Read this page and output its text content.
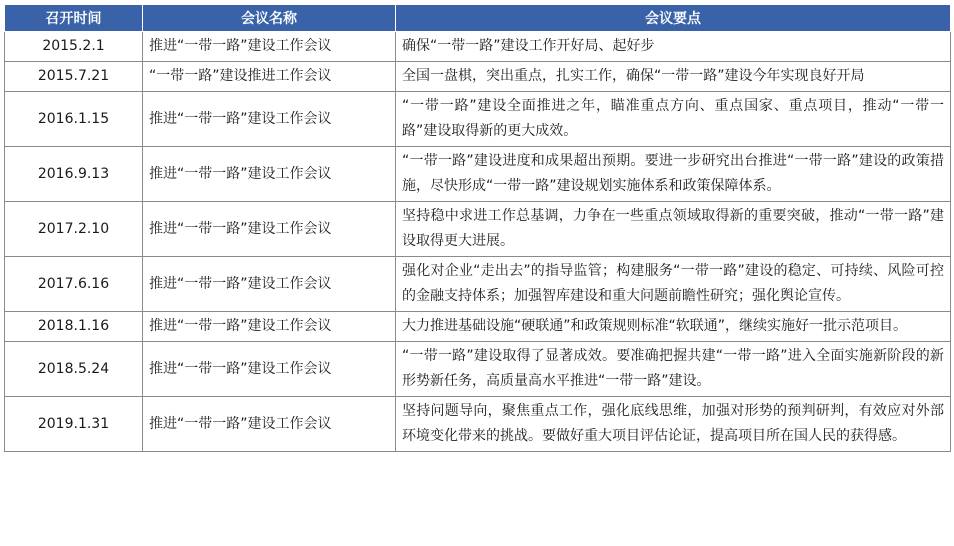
召开时间	会议名称	会议要点
2015.2.1	推进“一带一路”建设工作会议	确保“一带一路”建设工作开好局、起好步
2015.7.21	“一带一路”建设推进工作会议	全国一盘棋，突出重点，扎实工作，确保“一带一路”建设今年实现良好开局
2016.1.15	推进“一带一路”建设工作会议	“一带一路”建设全面推进之年，瞄准重点方向、重点国家、重点项目，推动“一带一路”建设取得新的更大成效。
2016.9.13	推进“一带一路”建设工作会议	“一带一路”建设进度和成果超出预期。要进一步研究出台推进“一带一路”建设的政策措施，尽快形成“一带一路”建设规划实施体系和政策保障体系。
2017.2.10	推进“一带一路”建设工作会议	坚持稳中求进工作总基调，力争在一些重点领域取得新的重要突破，推动“一带一路”建设取得更大进展。
2017.6.16	推进“一带一路”建设工作会议	强化对企业“走出去”的指导监管；构建服务“一带一路”建设的稳定、可持续、风险可控的金融支持体系；加强智库建设和重大问题前瞻性研究；强化舆论宣传。
2018.1.16	推进“一带一路”建设工作会议	大力推进基础设施“硬联通”和政策规则标准“软联通”，继续实施好一批示范项目。
2018.5.24	推进“一带一路”建设工作会议	“一带一路”建设取得了显著成效。要准确把握共建“一带一路”进入全面实施新阶段的新形势新任务，高质量高水平推进“一带一路”建设。
2019.1.31	推进“一带一路”建设工作会议	坚持问题导向，聚焦重点工作，强化底线思维，加强对形势的预判研判，有效应对外部环境变化带来的挑战。要做好重大项目评估论证，提高项目所在国人民的获得感。
